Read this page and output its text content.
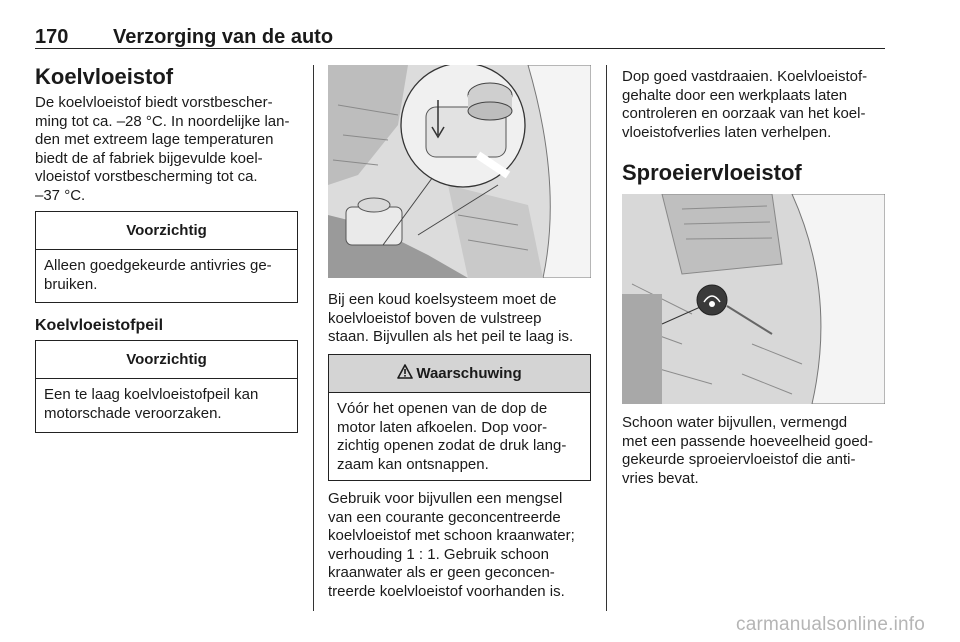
170 Verzorging van de auto
Koelvloeistof
De koelvloeistof biedt vorstbescher-
ming tot ca. –28 °C. In noordelijke lan-
den met extreem lage temperaturen
biedt de af fabriek bijgevulde koel-
vloeistof vorstbescherming tot ca.
–37 °C.
Voorzichtig
Alleen goedgekeurde antivries ge-
bruiken.
Koelvloeistofpeil
Voorzichtig
Een te laag koelvloeistofpeil kan
motorschade veroorzaken.
Bij een koud koelsysteem moet de
koelvloeistof boven de vulstreep
staan. Bijvullen als het peil te laag is.
Waarschuwing
Vóór het openen van de dop de
motor laten afkoelen. Dop voor-
zichtig openen zodat de druk lang-
zaam kan ontsnappen.
Gebruik voor bijvullen een mengsel
van een courante geconcentreerde
koelvloeistof met schoon kraanwater;
verhouding 1 : 1. Gebruik schoon
kraanwater als er geen geconcen-
treerde koelvloeistof voorhanden is.
Dop goed vastdraaien. Koelvloeistof-
gehalte door een werkplaats laten
controleren en oorzaak van het koel-
vloeistofverlies laten verhelpen.
Sproeiervloeistof
Schoon water bijvullen, vermengd
met een passende hoeveelheid goed-
gekeurde sproeiervloeistof die anti-
vries bevat.
carmanualsonline.info
